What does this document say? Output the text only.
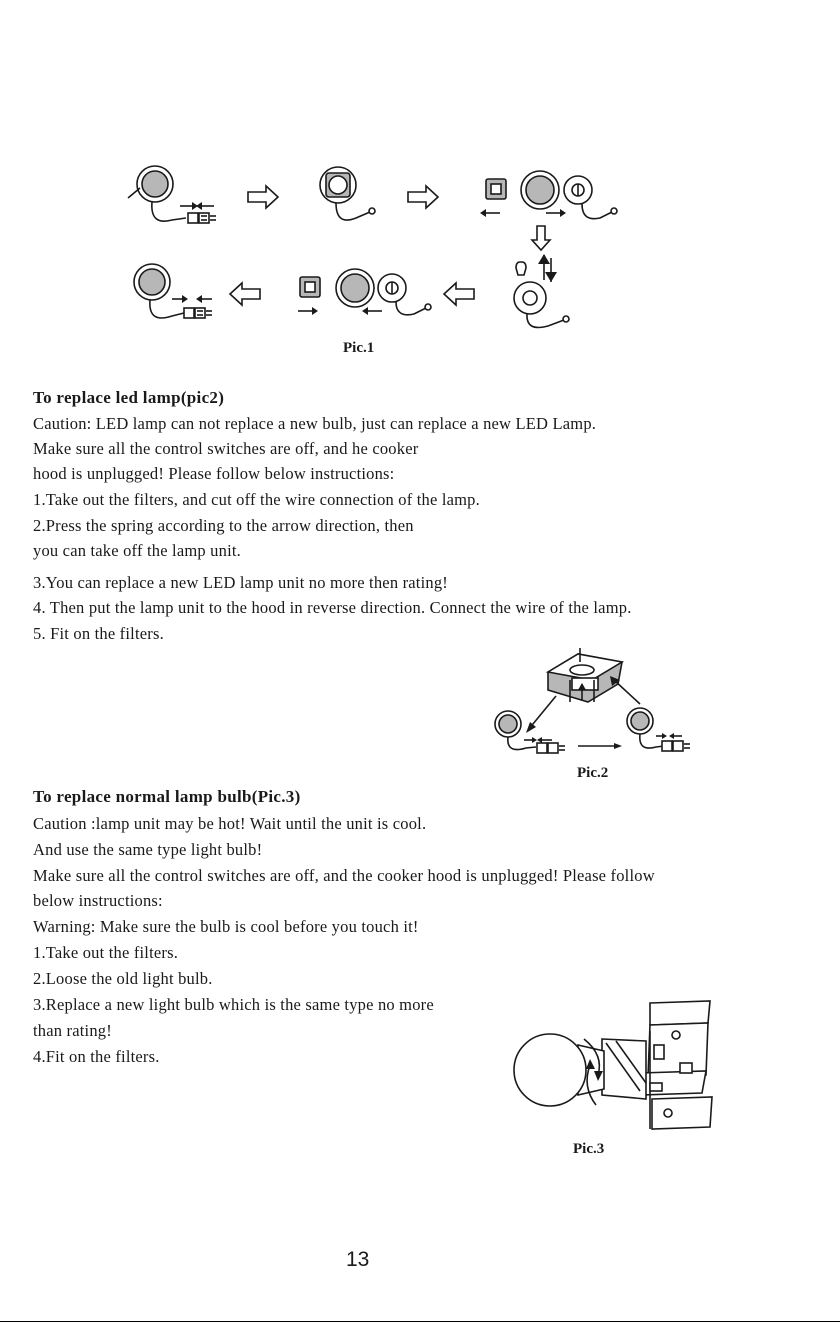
Pic.1
To replace led lamp(pic2)
Caution: LED lamp can not replace a new bulb, just can replace a new LED Lamp.
Make sure all the control switches are off, and he cooker
hood is unplugged! Please follow below instructions:
1.Take out the filters, and cut off the wire connection of the lamp.
2.Press the spring according to the arrow direction, then
you can take off the lamp unit.
3.You can replace a new LED lamp unit no more then rating!
4. Then put the lamp unit to the hood in reverse direction. Connect the wire of the lamp.
5. Fit on the filters.
Pic.2
To replace normal lamp bulb(Pic.3)
Caution :lamp unit may be hot! Wait until the unit is cool.
And use the same type light bulb!
Make sure all the control switches are off, and the cooker hood is unplugged! Please follow
below instructions:
Warning: Make sure the bulb is cool before you touch it!
1.Take out the filters.
2.Loose the old light bulb.
3.Replace a new light bulb which is the same type no more
than rating!
4.Fit on the filters.
Pic.3
13
